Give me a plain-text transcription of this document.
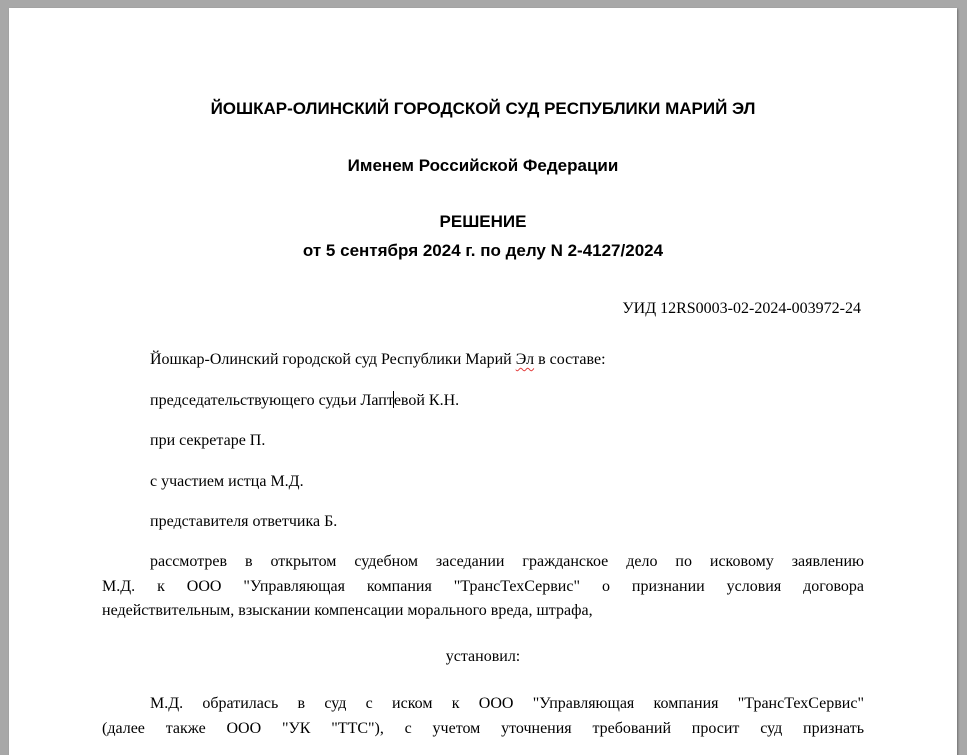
ЙОШКАР-ОЛИНСКИЙ ГОРОДСКОЙ СУД РЕСПУБЛИКИ МАРИЙ ЭЛ
Именем Российской Федерации
РЕШЕНИЕ
от 5 сентября 2024 г. по делу N 2-4127/2024
УИД 12RS0003-02-2024-003972-24
Йошкар-Олинский городской суд Республики Марий Эл в составе:
председательствующего судьи Лаптевой К.Н.
при секретаре П.
с участием истца М.Д.
представителя ответчика Б.
рассмотрев в открытом судебном заседании гражданское дело по исковому заявлению
М.Д. к ООО "Управляющая компания "ТрансТехСервис" о признании условия договора
недействительным, взыскании компенсации морального вреда, штрафа,
установил:
М.Д. обратилась в суд с иском к ООО "Управляющая компания "ТрансТехСервис"
(далее также ООО "УК "ТТС"), с учетом уточнения требований просит суд признать
